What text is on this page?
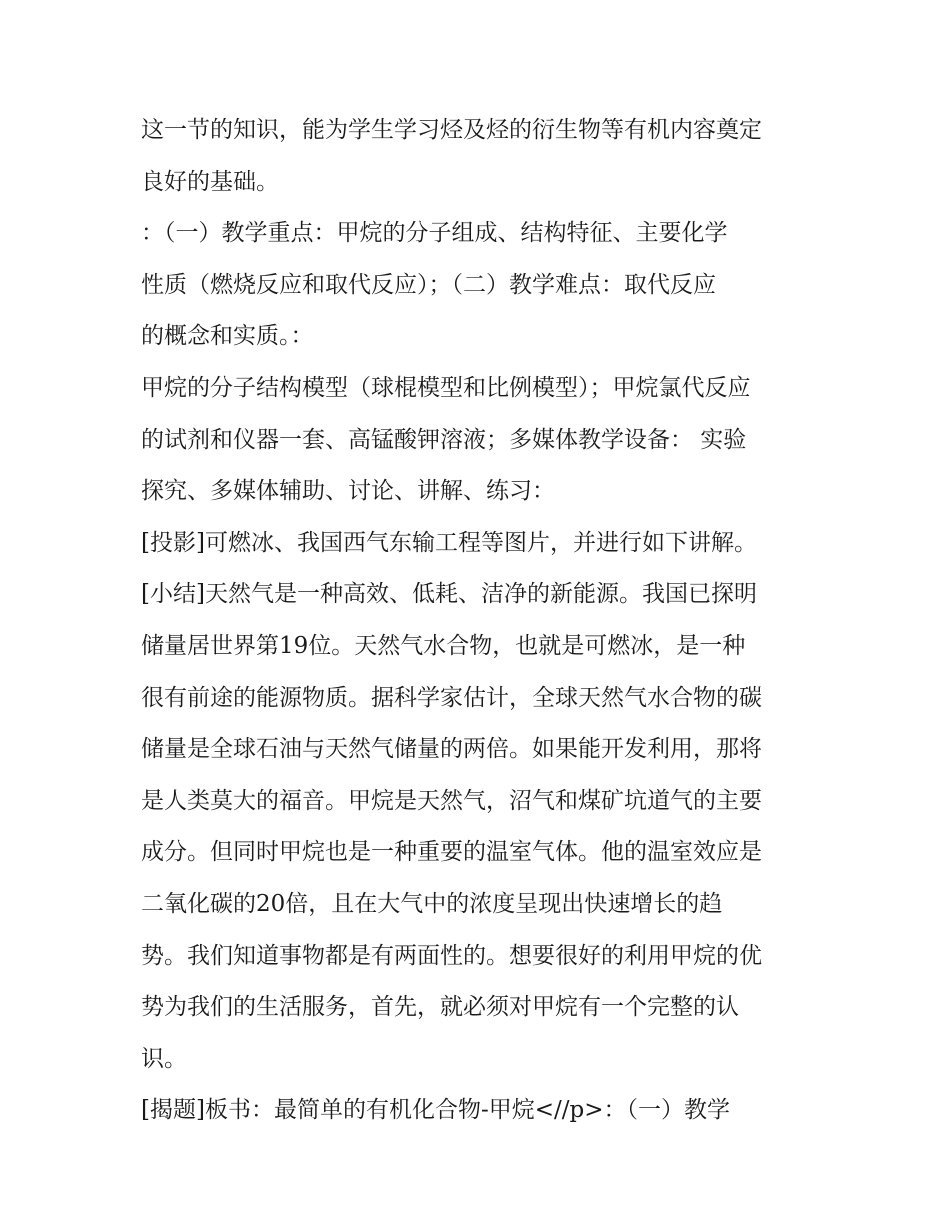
这一节的知识，能为学生学习烃及烃的衍生物等有机内容奠定
良好的基础。
：（一）教学重点：甲烷的分子组成、结构特征、主要化学
性质（燃烧反应和取代反应）；（二）教学难点：取代反应
的概念和实质。：
甲烷的分子结构模型（球棍模型和比例模型）；甲烷氯代反应
的试剂和仪器一套、高锰酸钾溶液；多媒体教学设备： 实验
探究、多媒体辅助、讨论、讲解、练习：
[投影]可燃冰、我国西气东输工程等图片，并进行如下讲解。
[小结]天然气是一种高效、低耗、洁净的新能源。我国已探明
储量居世界第19位。天然气水合物，也就是可燃冰，是一种
很有前途的能源物质。据科学家估计，全球天然气水合物的碳
储量是全球石油与天然气储量的两倍。如果能开发利用，那将
是人类莫大的福音。甲烷是天然气，沼气和煤矿坑道气的主要
成分。但同时甲烷也是一种重要的温室气体。他的温室效应是
二氧化碳的20倍，且在大气中的浓度呈现出快速增长的趋
势。我们知道事物都是有两面性的。想要很好的利用甲烷的优
势为我们的生活服务，首先，就必须对甲烷有一个完整的认
识。
[揭题]板书：最简单的有机化合物-甲烷<//p>：（一）教学
